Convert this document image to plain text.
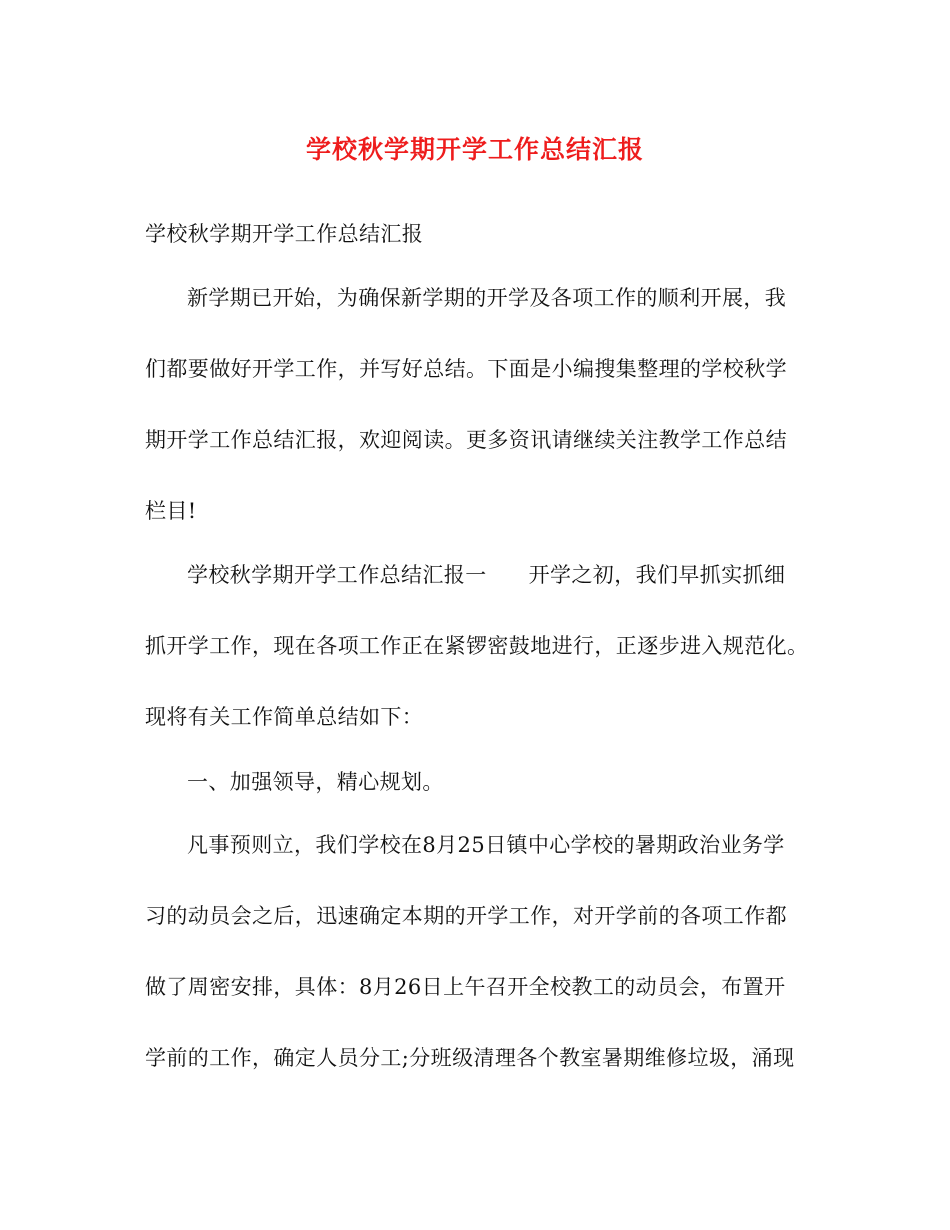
学校秋学期开学工作总结汇报
学校秋学期开学工作总结汇报
新学期已开始，为确保新学期的开学及各项工作的顺利开展，我
们都要做好开学工作，并写好总结。下面是小编搜集整理的学校秋学
期开学工作总结汇报，欢迎阅读。更多资讯请继续关注教学工作总结
栏目!
学校秋学期开学工作总结汇报一 开学之初，我们早抓实抓细
抓开学工作，现在各项工作正在紧锣密鼓地进行，正逐步进入规范化。
现将有关工作简单总结如下：
一、加强领导，精心规划。
凡事预则立，我们学校在8月25日镇中心学校的暑期政治业务学
习的动员会之后，迅速确定本期的开学工作，对开学前的各项工作都
做了周密安排，具体：8月26日上午召开全校教工的动员会，布置开
学前的工作，确定人员分工;分班级清理各个教室暑期维修垃圾，涌现
